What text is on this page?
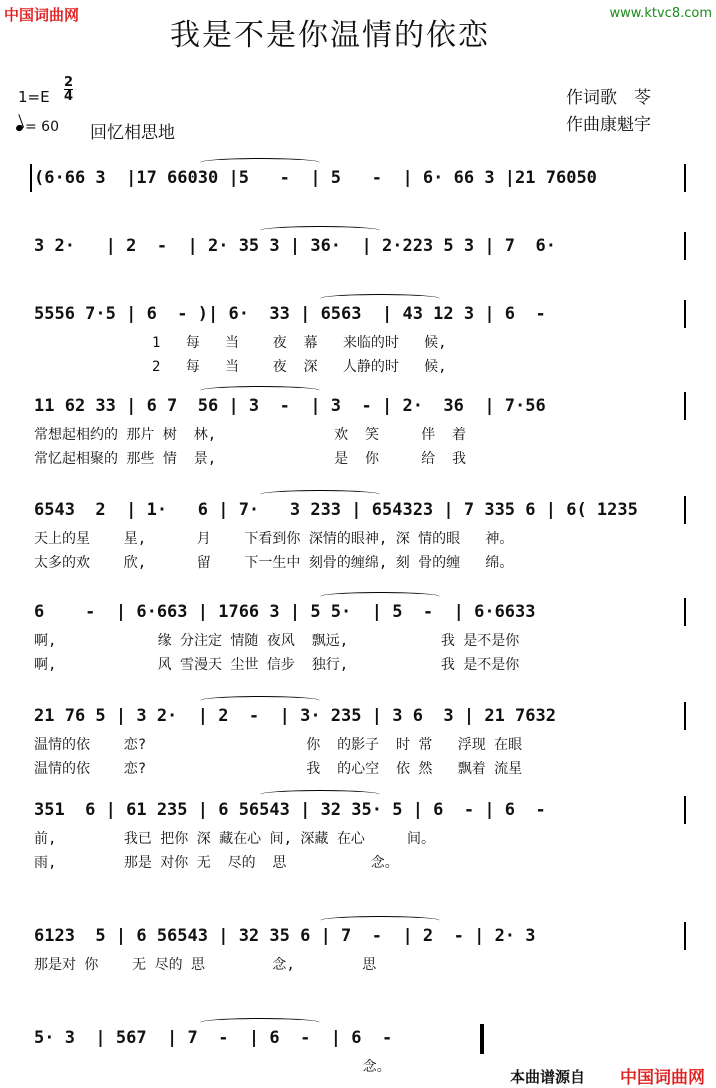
中国词曲网	www.ktvc8.com
我是不是你温情的依恋
1=E
2
4
= 60 回忆相思地
作词歌　苓
作曲康魁宇
(6·66 3  |17 66030 |5   -  | 5   -  | 6· 66 3 |21 76050
3 2·   | 2  -  | 2· 35 3 | 36·  | 2·223 5 3 | 7  6·
5556 7·5 | 6  - )| 6·  33 | 6563  | 43 12 3 | 6  -
1   每   当    夜  幕   来临的时   候,
2   每   当    夜  深   人静的时   候,
11 62 33 | 6 7  56 | 3  -  | 3  - | 2·  36  | 7·56
常想起相约的 那片 树  林,              欢  笑     伴  着
常忆起相聚的 那些 情  景,              是  你     给  我
6543  2  | 1·   6 | 7·   3 233 | 654323 | 7 335 6 | 6( 1235
天上的星    星,      月    下看到你 深情的眼神, 深 情的眼   神。
太多的欢    欣,      留    下一生中 刻骨的缠绵, 刻 骨的缠   绵。
6    -  | 6·663 | 1766 3 | 5 5·  | 5  -  | 6·6633
啊,            缘 分注定 情随 夜风  飘远,           我 是不是你
啊,            风 雪漫天 尘世 信步  独行,           我 是不是你
21 76 5 | 3 2·  | 2  -  | 3· 235 | 3 6  3 | 21 7632
温情的依    恋?                   你  的影子  时 常   浮现 在眼
温情的依    恋?                   我  的心空  依 然   飘着 流星
351  6 | 61 235 | 6 56543 | 32 35· 5 | 6  - | 6  -
前,        我已 把你 深 藏在心 间, 深藏 在心     间。
雨,        那是 对你 无  尽的  思          念。
6123  5 | 6 56543 | 32 35 6 | 7  -  | 2  - | 2· 3
那是对 你    无 尽的 思        念,        思
5· 3  | 567  | 7  -  | 6  -  | 6  -
念。
本曲谱源自 中国词曲网
